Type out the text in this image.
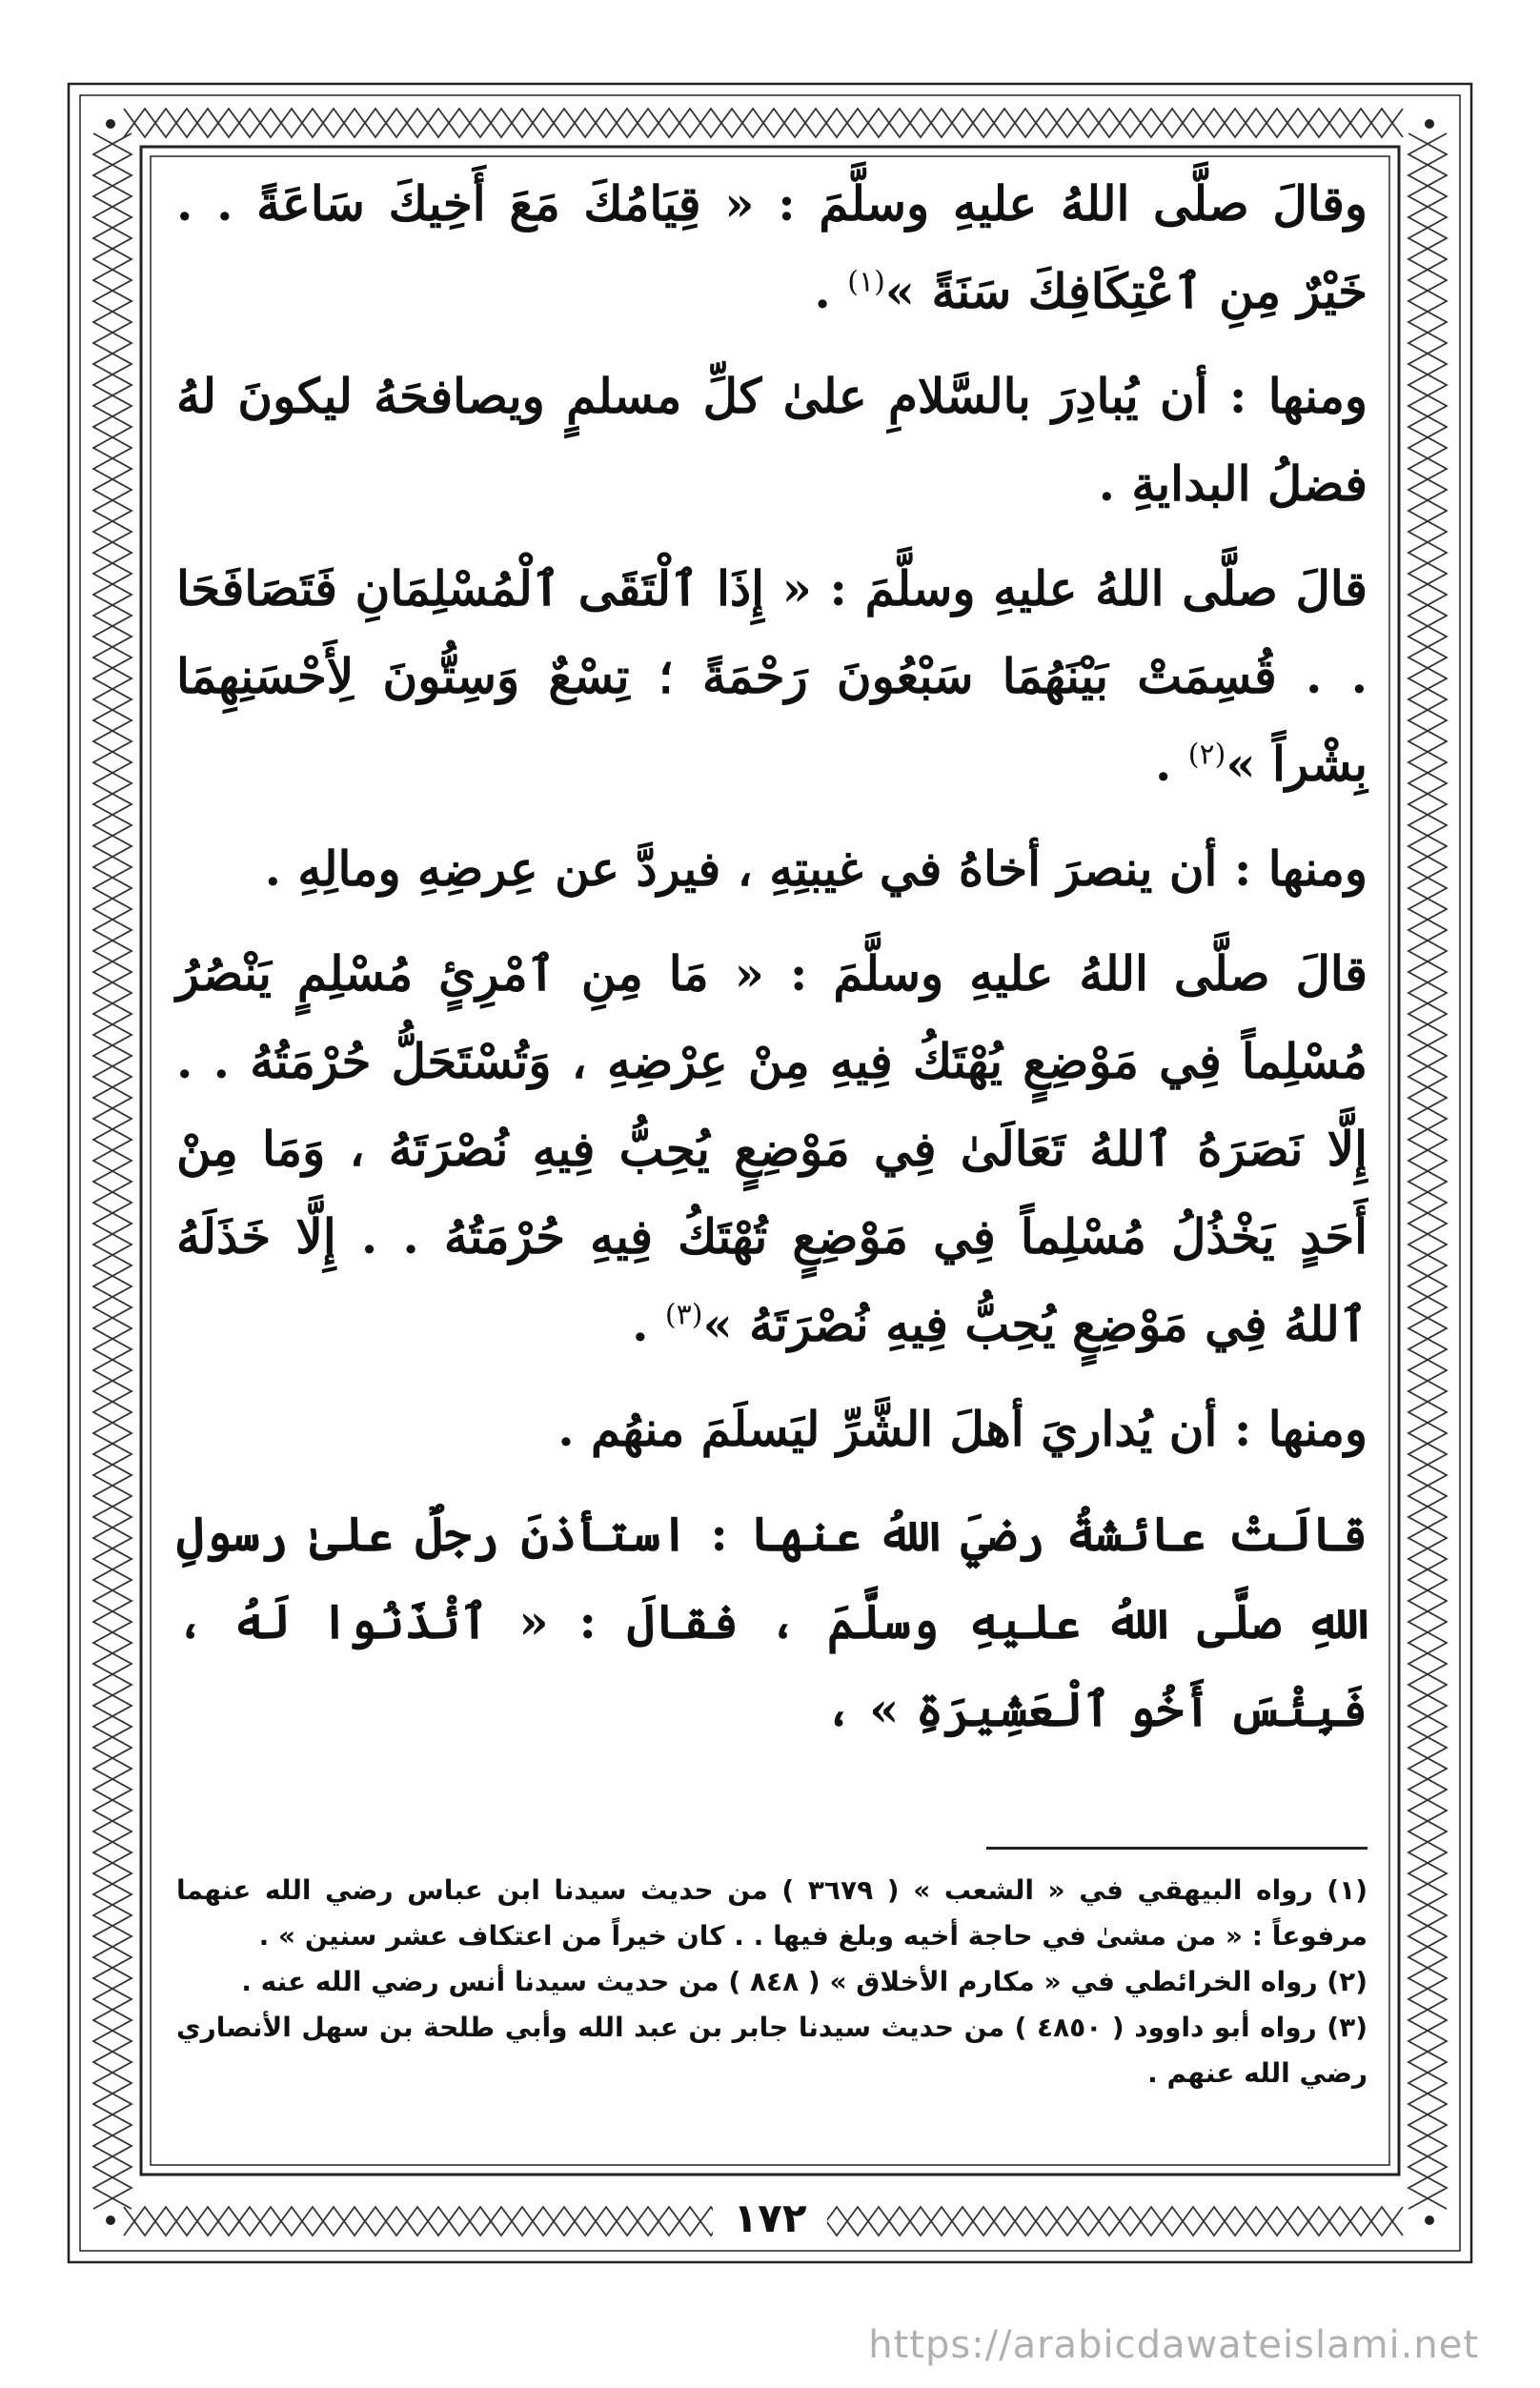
وقالَ صلَّى اللهُ عليهِ وسلَّمَ : « قِيَامُكَ مَعَ أَخِيكَ سَاعَةً . . خَيْرٌ مِنِ ٱعْتِكَافِكَ سَنَةً »$^{(١)}$ .

ومنها : أن يُبادِرَ بالسَّلامِ علىٰ كلِّ مسلمٍ ويصافحَهُ ليكونَ لهُ فضلُ البدايةِ .

قالَ صلَّى اللهُ عليهِ وسلَّمَ : « إِذَا ٱلْتَقَى ٱلْمُسْلِمَانِ فَتَصَافَحَا . . قُسِمَتْ بَيْنَهُمَا سَبْعُونَ رَحْمَةً ؛ تِسْعٌ وَسِتُّونَ لِأَحْسَنِهِمَا بِشْراً »$^{(٢)}$ .

ومنها : أن ينصرَ أخاهُ في غيبتِهِ ، فيردَّ عن عِرضِهِ ومالِهِ .

قالَ صلَّى اللهُ عليهِ وسلَّمَ : « مَا مِنِ ٱمْرِئٍ مُسْلِمٍ يَنْصُرُ مُسْلِماً فِي مَوْضِعٍ يُهْتَكُ فِيهِ مِنْ عِرْضِهِ ، وَتُسْتَحَلُّ حُرْمَتُهُ . . إِلَّا نَصَرَهُ ٱللهُ تَعَالَىٰ فِي مَوْضِعٍ يُحِبُّ فِيهِ نُصْرَتَهُ ، وَمَا مِنْ أَحَدٍ يَخْذُلُ مُسْلِماً فِي مَوْضِعٍ تُهْتَكُ فِيهِ حُرْمَتُهُ . . إِلَّا خَذَلَهُ ٱللهُ فِي مَوْضِعٍ يُحِبُّ فِيهِ نُصْرَتَهُ »$^{(٣)}$ .

ومنها : أن يُداريَ أهلَ الشَّرِّ ليَسلَمَ منهُم .

قالَتْ عائشةُ رضيَ اللهُ عنها : استأذنَ رجلٌ علىٰ رسولِ اللهِ صلَّى اللهُ عليهِ وسلَّمَ ، فقالَ : « ٱئْذَنُوا لَهُ ، فَبِئْسَ أَخُو ٱلْعَشِيرَةِ » ،

(١) رواه البيهقي في « الشعب » ( ٣٦٧٩ ) من حديث سيدنا ابن عباس رضي الله عنهما مرفوعاً : « من مشىٰ في حاجة أخيه وبلغ فيها . . كان خيراً من اعتكاف عشر سنين » .

(٢) رواه الخرائطي في « مكارم الأخلاق » ( ٨٤٨ ) من حديث سيدنا أنس رضي الله عنه .

(٣) رواه أبو داوود ( ٤٨٥٠ ) من حديث سيدنا جابر بن عبد الله وأبي طلحة بن سهل الأنصاري رضي الله عنهم .

١٧٢
https://arabicdawateislami.net
